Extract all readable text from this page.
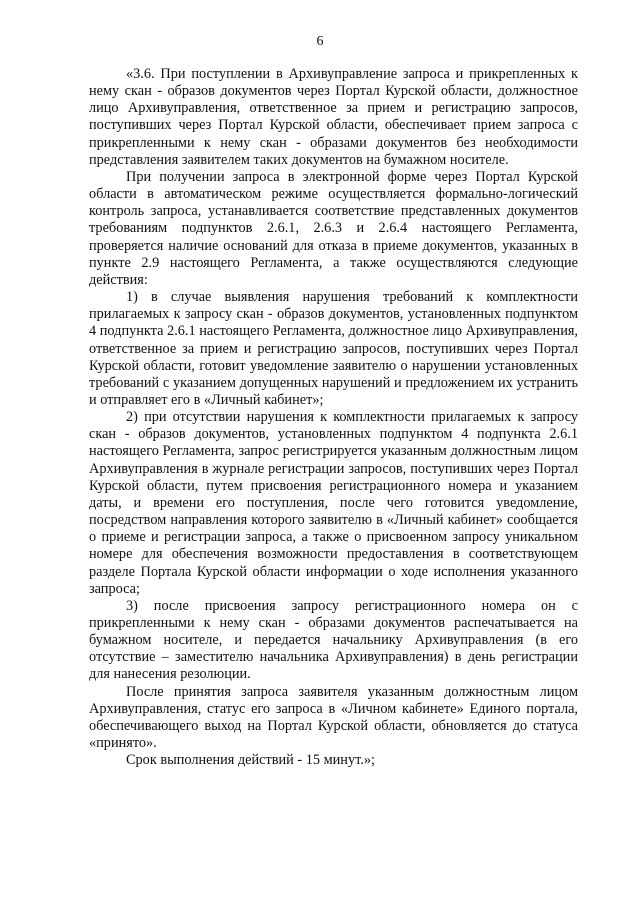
6

«3.6. При поступлении в Архивуправление запроса и прикрепленных к нему скан - образов документов через Портал Курской области, должностное лицо Архивуправления, ответственное за прием и регистрацию запросов, поступивших через Портал Курской области, обеспечивает прием запроса с прикрепленными к нему скан - образами документов без необходимости представления заявителем таких документов на бумажном носителе.

При получении запроса в электронной форме через Портал Курской области в автоматическом режиме осуществляется формально-логический контроль запроса, устанавливается соответствие представленных документов требованиям подпунктов 2.6.1, 2.6.3 и 2.6.4 настоящего Регламента, проверяется наличие оснований для отказа в приеме документов, указанных в пункте 2.9 настоящего Регламента, а также осуществляются следующие действия:

1) в случае выявления нарушения требований к комплектности прилагаемых к запросу скан - образов документов, установленных подпунктом 4 подпункта 2.6.1 настоящего Регламента, должностное лицо Архивуправления, ответственное за прием и регистрацию запросов, поступивших через Портал Курской области, готовит уведомление заявителю о нарушении установленных требований с указанием допущенных нарушений и предложением их устранить и отправляет его в «Личный кабинет»;

2) при отсутствии нарушения к комплектности прилагаемых к запросу скан - образов документов, установленных подпунктом 4 подпункта 2.6.1 настоящего Регламента, запрос регистрируется указанным должностным лицом Архивуправления в журнале регистрации запросов, поступивших через Портал Курской области, путем присвоения регистрационного номера и указанием даты, и времени его поступления, после чего готовится уведомление, посредством направления которого заявителю в «Личный кабинет» сообщается о приеме и регистрации запроса, а также о присвоенном запросу уникальном номере для обеспечения возможности предоставления в соответствующем разделе Портала Курской области информации о ходе исполнения указанного запроса;

3) после присвоения запросу регистрационного номера он с прикрепленными к нему скан - образами документов распечатывается на бумажном носителе, и передается начальнику Архивуправления (в его отсутствие – заместителю начальника Архивуправления) в день регистрации для нанесения резолюции.

После принятия запроса заявителя указанным должностным лицом Архивуправления, статус его запроса в «Личном кабинете» Единого портала, обеспечивающего выход на Портал Курской области, обновляется до статуса «принято».

Срок выполнения действий - 15 минут.»;
